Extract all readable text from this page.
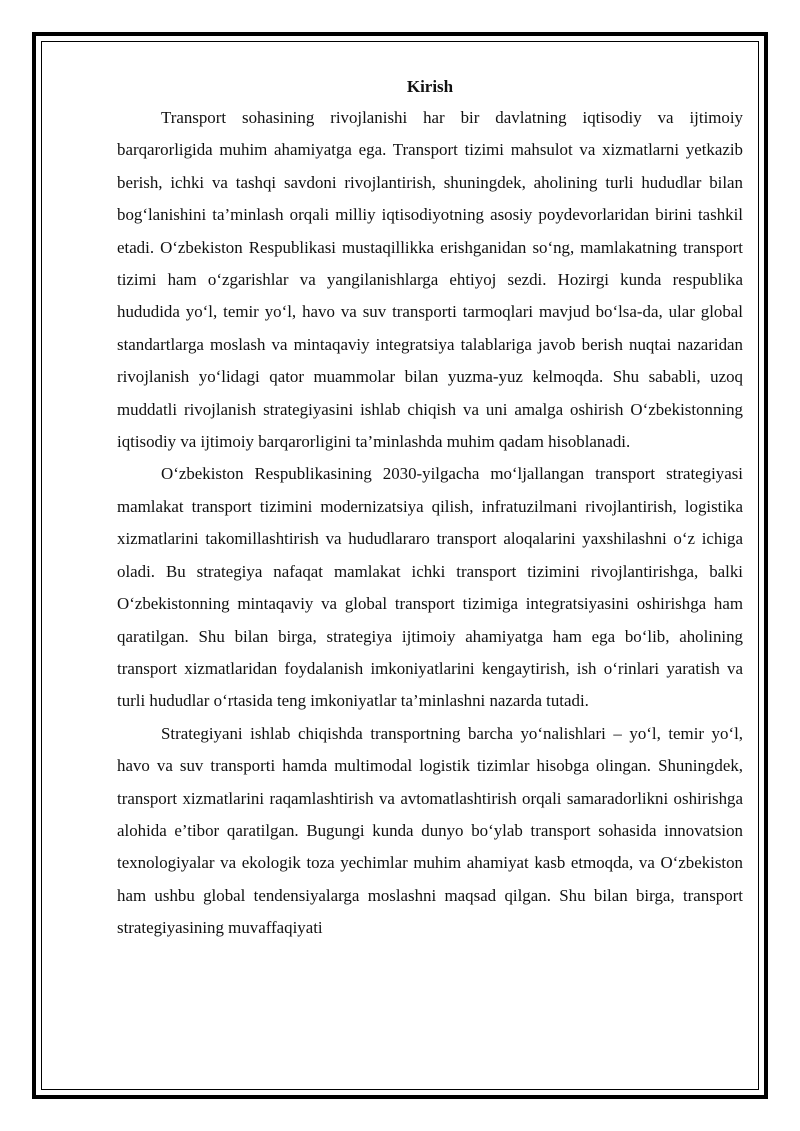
Kirish

Transport sohasining rivojlanishi har bir davlatning iqtisodiy va ijtimoiy barqarorligida muhim ahamiyatga ega. Transport tizimi mahsulot va xizmatlarni yetkazib berish, ichki va tashqi savdoni rivojlantirish, shuningdek, aholining turli hududlar bilan bog‘lanishini ta’minlash orqali milliy iqtisodiyotning asosiy poydevorlaridan birini tashkil etadi. O‘zbekiston Respublikasi mustaqillikka erishganidan so‘ng, mamlakatning transport tizimi ham o‘zgarishlar va yangilanishlarga ehtiyoj sezdi. Hozirgi kunda respublika hududida yo‘l, temir yo‘l, havo va suv transporti tarmoqlari mavjud bo‘lsa-da, ular global standartlarga moslash va mintaqaviy integratsiya talablariga javob berish nuqtai nazaridan rivojlanish yo‘lidagi qator muammolar bilan yuzma-yuz kelmoqda. Shu sababli, uzoq muddatli rivojlanish strategiyasini ishlab chiqish va uni amalga oshirish O‘zbekistonning iqtisodiy va ijtimoiy barqarorligini ta’minlashda muhim qadam hisoblanadi.

O‘zbekiston Respublikasining 2030-yilgacha mo‘ljallangan transport strategiyasi mamlakat transport tizimini modernizatsiya qilish, infratuzilmani rivojlantirish, logistika xizmatlarini takomillashtirish va hududlararo transport aloqalarini yaxshilashni o‘z ichiga oladi. Bu strategiya nafaqat mamlakat ichki transport tizimini rivojlantirishga, balki O‘zbekistonning mintaqaviy va global transport tizimiga integratsiyasini oshirishga ham qaratilgan. Shu bilan birga, strategiya ijtimoiy ahamiyatga ham ega bo‘lib, aholining transport xizmatlaridan foydalanish imkoniyatlarini kengaytirish, ish o‘rinlari yaratish va turli hududlar o‘rtasida teng imkoniyatlar ta’minlashni nazarda tutadi.

Strategiyani ishlab chiqishda transportning barcha yo‘nalishlari – yo‘l, temir yo‘l, havo va suv transporti hamda multimodal logistik tizimlar hisobga olingan. Shuningdek, transport xizmatlarini raqamlashtirish va avtomatlashtirish orqali samaradorlikni oshirishga alohida e’tibor qaratilgan. Bugungi kunda dunyo bo‘ylab transport sohasida innovatsion texnologiyalar va ekologik toza yechimlar muhim ahamiyat kasb etmoqda, va O‘zbekiston ham ushbu global tendensiyalarga moslashni maqsad qilgan. Shu bilan birga, transport strategiyasining muvaffaqiyati
